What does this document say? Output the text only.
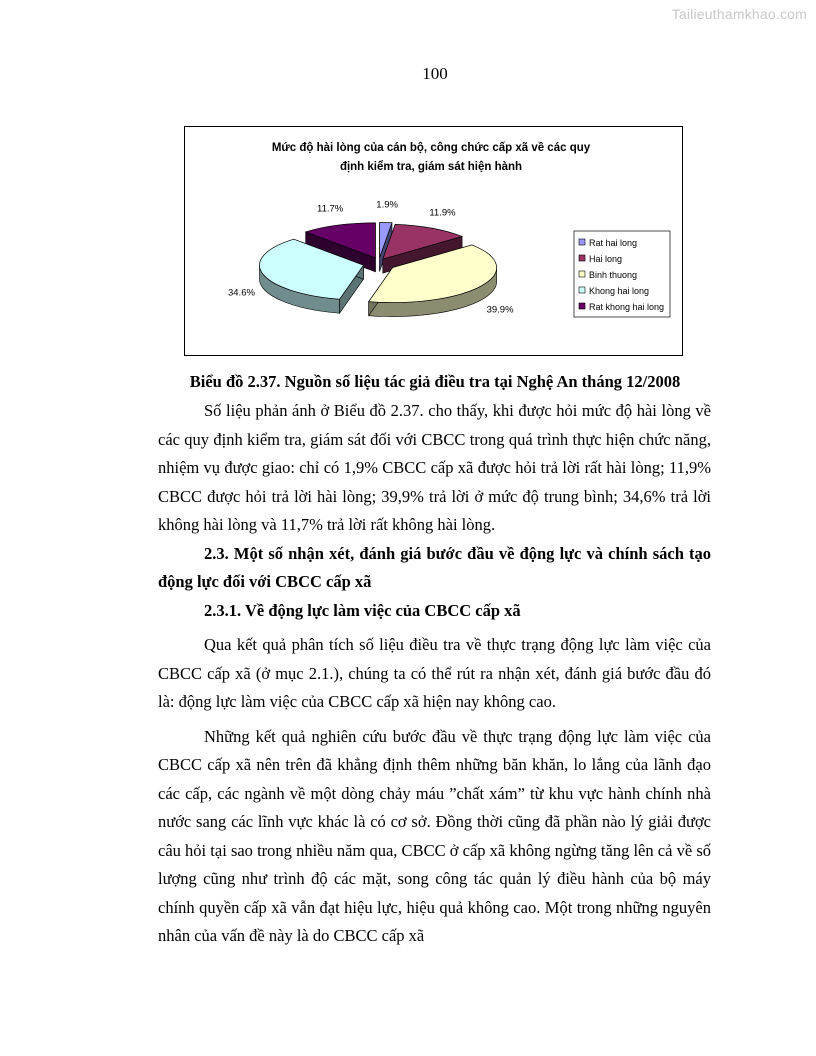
Tailieuthamkhao.com
100
Mức độ hài lòng của cán bộ, công chức cấp xã về các quy
định kiểm tra, giám sát hiện hành
1.9%
11.9%
39.9%
34.6%
11.7%
Rat hai long
Hai long
Binh thuong
Khong hai long
Rat khong hai long
Biểu đồ 2.37. Nguồn số liệu tác giả điều tra tại Nghệ An tháng 12/2008

Số liệu phản ánh ở Biểu đồ 2.37. cho thấy, khi được hỏi mức độ hài lòng về các quy định kiểm tra, giám sát đối với CBCC trong quá trình thực hiện chức năng, nhiệm vụ được giao: chỉ có 1,9% CBCC cấp xã được hỏi trả lời rất hài lòng; 11,9% CBCC được hỏi trả lời hài lòng; 39,9% trả lời ở mức độ trung bình; 34,6% trả lời không hài lòng và 11,7% trả lời rất không hài lòng.

2.3. Một số nhận xét, đánh giá bước đầu về động lực và chính sách tạo động lực đối với CBCC cấp xã
2.3.1. Về động lực làm việc của CBCC cấp xã

Qua kết quả phân tích số liệu điều tra về thực trạng động lực làm việc của CBCC cấp xã (ở mục 2.1.), chúng ta có thể rút ra nhận xét, đánh giá bước đầu đó là: động lực làm việc của CBCC cấp xã hiện nay không cao.

Những kết quả nghiên cứu bước đầu về thực trạng động lực làm việc của CBCC cấp xã nên trên đã khẳng định thêm những băn khăn, lo lắng của lãnh đạo các cấp, các ngành về một dòng chảy máu ”chất xám” từ khu vực hành chính nhà nước sang các lĩnh vực khác là có cơ sở. Đồng thời cũng đã phần nào lý giải được câu hỏi tại sao trong nhiều năm qua, CBCC ở cấp xã không ngừng tăng lên cả về số lượng cũng như trình độ các mặt, song công tác quản lý điều hành của bộ máy chính quyền cấp xã vẫn đạt hiệu lực, hiệu quả không cao. Một trong những nguyên nhân của vấn đề này là do CBCC cấp xã
